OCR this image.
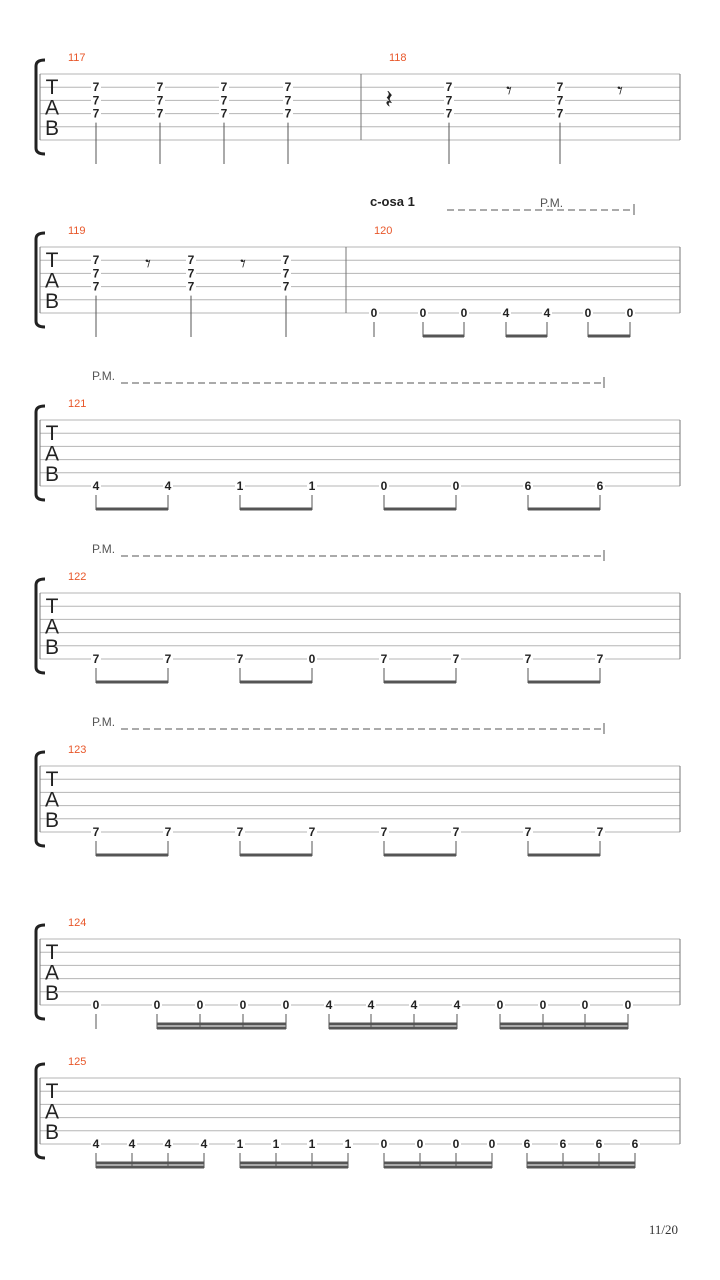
T
A
B
117
7
7
7
7
7
7
7
7
7
7
7
7
118
𝄽	7
7
7
𝄾	7
7
7
𝄾
T
A
B
P.M.
c-osa 1
119
7
7
7
𝄾	7
7
7
𝄾	7
7
7
120
0	0	0	4	4	0	0
T
A
B
P.M.
121
4	4	1	1	0	0	6	6
T
A
B
P.M.
122
7	7	7	0	7	7	7	7
T
A
B
P.M.
123
7	7	7	7	7	7	7	7
T
A
B
124
0	0	0	0	0	4	4	4	4	0	0	0	0
T
A
B
125
4 4 4 4 1 1 1 1 0 0 0 0 6 6 6 6
11/20
